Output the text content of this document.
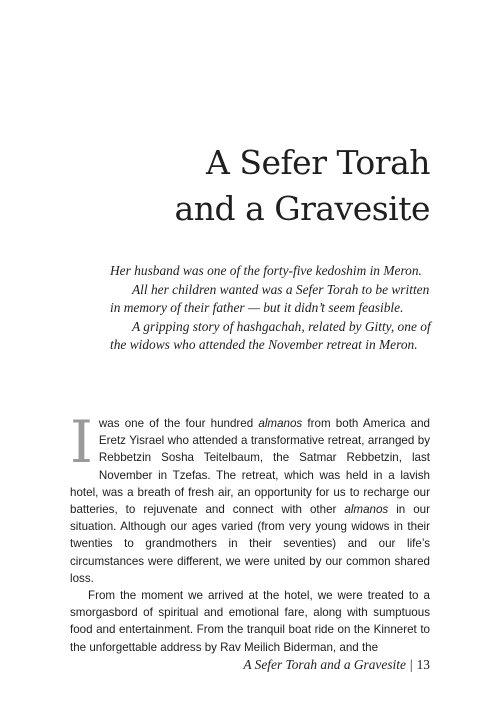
A Sefer Torah
and a Gravesite

Her husband was one of the forty-five kedoshim in Meron.

All her children wanted was a Sefer Torah to be written in memory of their father — but it didn’t seem feasible.

A gripping story of hashgachah, related by Gitty, one of the widows who attended the November retreat in Meron.

Iwas one of the four hundred almanos from both America and Eretz Yisrael who attended a transformative retreat, arranged by Rebbetzin Sosha Teitelbaum, the Satmar Rebbetzin, last November in Tzefas. The retreat, which was held in a lavish hotel, was a breath of fresh air, an opportunity for us to recharge our batteries, to rejuvenate and connect with other almanos in our situation. Although our ages varied (from very young widows in their twenties to grandmothers in their seventies) and our life’s circumstances were different, we were united by our common shared loss.

From the moment we arrived at the hotel, we were treated to a smorgasbord of spiritual and emotional fare, along with sumptuous food and entertainment. From the tranquil boat ride on the Kinneret to the unforgettable address by Rav Meilich Biderman, and the

A Sefer Torah and a Gravesite | 13
